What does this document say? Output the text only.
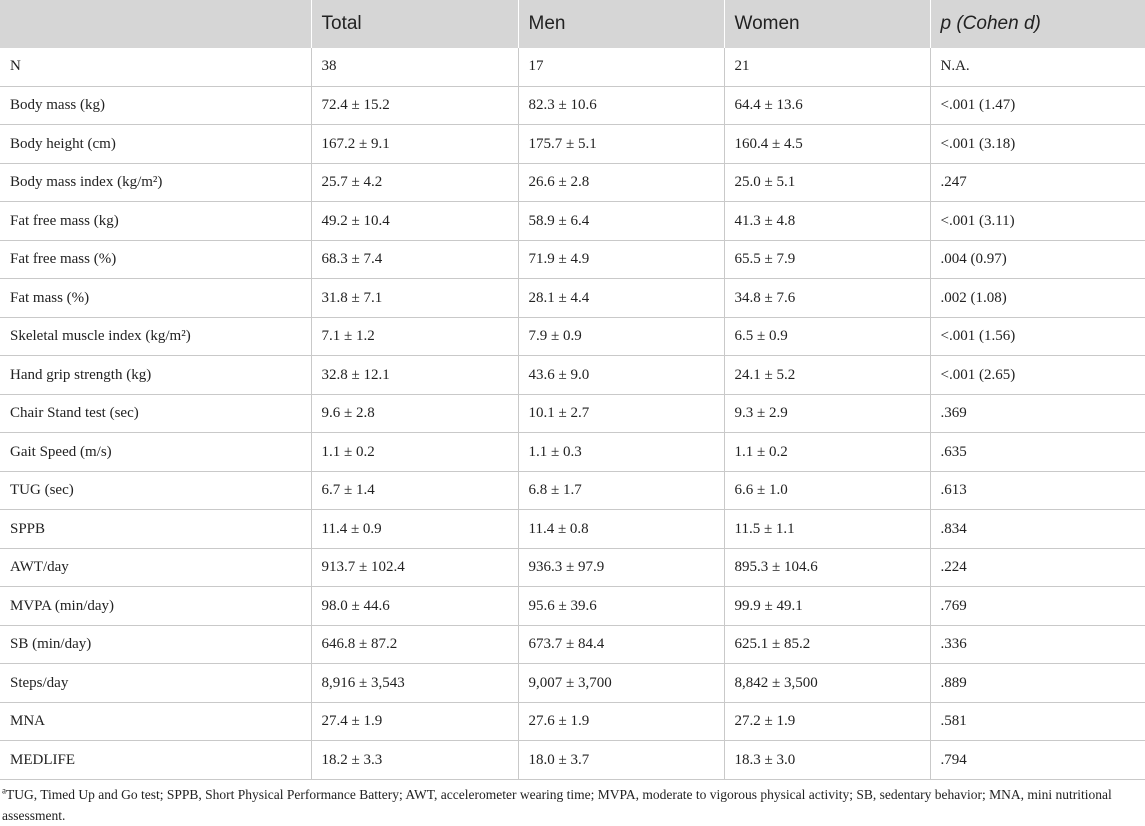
	Total	Men	Women	p (Cohen d)
N	38	17	21	N.A.
Body mass (kg)	72.4 ± 15.2	82.3 ± 10.6	64.4 ± 13.6	<.001 (1.47)
Body height (cm)	167.2 ± 9.1	175.7 ± 5.1	160.4 ± 4.5	<.001 (3.18)
Body mass index (kg/m²)	25.7 ± 4.2	26.6 ± 2.8	25.0 ± 5.1	.247
Fat free mass (kg)	49.2 ± 10.4	58.9 ± 6.4	41.3 ± 4.8	<.001 (3.11)
Fat free mass (%)	68.3 ± 7.4	71.9 ± 4.9	65.5 ± 7.9	.004 (0.97)
Fat mass (%)	31.8 ± 7.1	28.1 ± 4.4	34.8 ± 7.6	.002 (1.08)
Skeletal muscle index (kg/m²)	7.1 ± 1.2	7.9 ± 0.9	6.5 ± 0.9	<.001 (1.56)
Hand grip strength (kg)	32.8 ± 12.1	43.6 ± 9.0	24.1 ± 5.2	<.001 (2.65)
Chair Stand test (sec)	9.6 ± 2.8	10.1 ± 2.7	9.3 ± 2.9	.369
Gait Speed (m/s)	1.1 ± 0.2	1.1 ± 0.3	1.1 ± 0.2	.635
TUG (sec)	6.7 ± 1.4	6.8 ± 1.7	6.6 ± 1.0	.613
SPPB	11.4 ± 0.9	11.4 ± 0.8	11.5 ± 1.1	.834
AWT/day	913.7 ± 102.4	936.3 ± 97.9	895.3 ± 104.6	.224
MVPA (min/day)	98.0 ± 44.6	95.6 ± 39.6	99.9 ± 49.1	.769
SB (min/day)	646.8 ± 87.2	673.7 ± 84.4	625.1 ± 85.2	.336
Steps/day	8,916 ± 3,543	9,007 ± 3,700	8,842 ± 3,500	.889
MNA	27.4 ± 1.9	27.6 ± 1.9	27.2 ± 1.9	.581
MEDLIFE	18.2 ± 3.3	18.0 ± 3.7	18.3 ± 3.0	.794
$^a$TUG, Timed Up and Go test; SPPB, Short Physical Performance Battery; AWT, accelerometer wearing time; MVPA, moderate to vigorous physical activity; SB, sedentary behavior; MNA, mini nutritional assessment.
